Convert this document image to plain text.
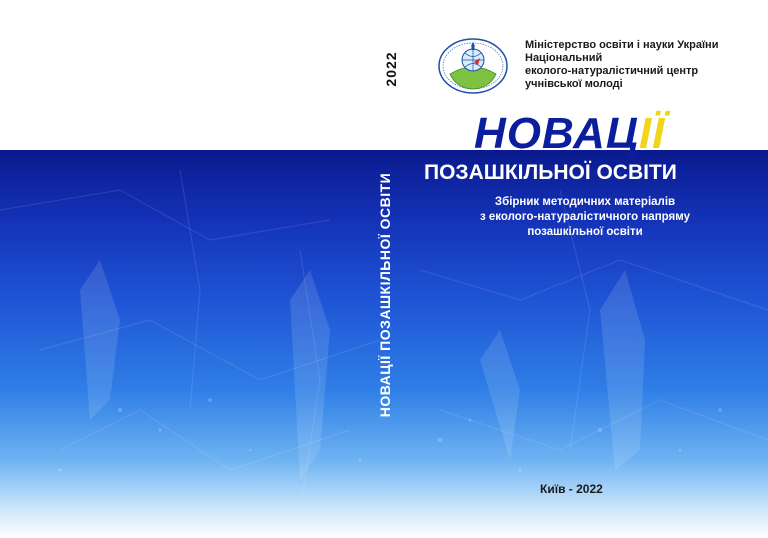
2022
НОВАЦІЇ ПОЗАШКІЛЬНОЇ ОСВІТИ
Міністерство освіти і науки України
Національний
еколого-натуралістичний центр
учнівської молоді
НОВАЦІЇ
ПОЗАШКІЛЬНОЇ ОСВІТИ
Збірник методичних матеріалів
з еколого-натуралістичного напряму
позашкільної освіти
Київ - 2022
